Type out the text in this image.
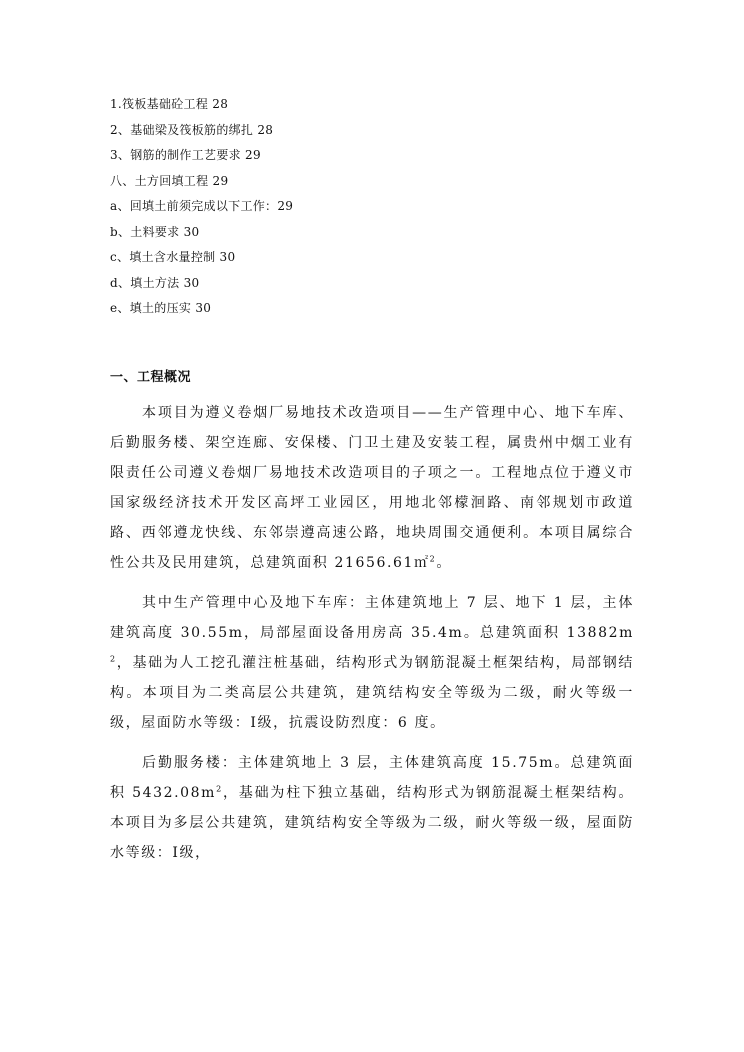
1.筏板基础砼工程 28
2、基础梁及筏板筋的绑扎 28
3、钢筋的制作工艺要求 29
八、土方回填工程 29
a、回填土前须完成以下工作：29
b、土料要求 30
c、填土含水量控制 30
d、填土方法 30
e、填土的压实 30
一、工程概况

本项目为遵义卷烟厂易地技术改造项目——生产管理中心、地下车库、后勤服务楼、架空连廊、安保楼、门卫土建及安装工程，属贵州中烟工业有限责任公司遵义卷烟厂易地技术改造项目的子项之一。工程地点位于遵义市国家级经济技术开发区高坪工业园区，用地北邻檬洄路、南邻规划市政道路、西邻遵龙快线、东邻崇遵高速公路，地块周围交通便利。本项目属综合性公共及民用建筑，总建筑面积 21656.61㎡$^2$。

其中生产管理中心及地下车库：主体建筑地上 7 层、地下 1 层，主体建筑高度 30.55m，局部屋面设备用房高 35.4m。总建筑面积 $13882m^2$，基础为人工挖孔灌注桩基础，结构形式为钢筋混凝土框架结构，局部钢结构。本项目为二类高层公共建筑，建筑结构安全等级为二级，耐火等级一级，屋面防水等级：Ⅰ级，抗震设防烈度：6 度。

后勤服务楼：主体建筑地上 3 层，主体建筑高度 15.75m。总建筑面积 $5432.08m^2$，基础为柱下独立基础，结构形式为钢筋混凝土框架结构。本项目为多层公共建筑，建筑结构安全等级为二级，耐火等级一级，屋面防水等级：Ⅰ级，
